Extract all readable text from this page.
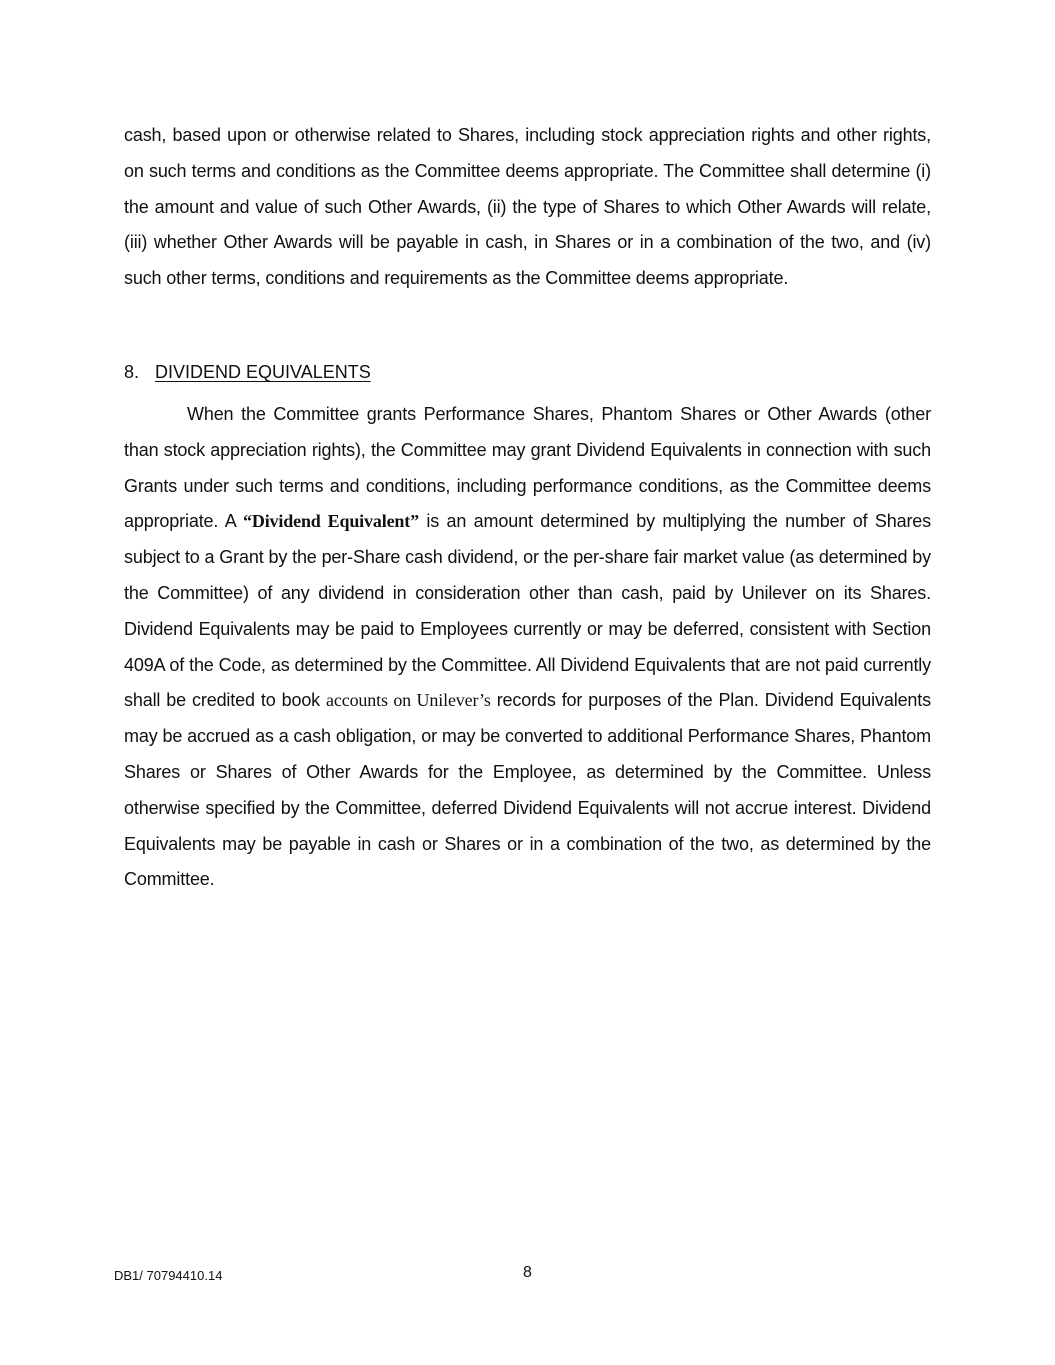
cash, based upon or otherwise related to Shares, including stock appreciation rights and other rights, on such terms and conditions as the Committee deems appropriate. The Committee shall determine (i) the amount and value of such Other Awards, (ii) the type of Shares to which Other Awards will relate, (iii) whether Other Awards will be payable in cash, in Shares or in a combination of the two, and (iv) such other terms, conditions and requirements as the Committee deems appropriate.

8. DIVIDEND EQUIVALENTS

When the Committee grants Performance Shares, Phantom Shares or Other Awards (other than stock appreciation rights), the Committee may grant Dividend Equivalents in connection with such Grants under such terms and conditions, including performance conditions, as the Committee deems appropriate. A “Dividend Equivalent” is an amount determined by multiplying the number of Shares subject to a Grant by the per-Share cash dividend, or the per-share fair market value (as determined by the Committee) of any dividend in consideration other than cash, paid by Unilever on its Shares. Dividend Equivalents may be paid to Employees currently or may be deferred, consistent with Section 409A of the Code, as determined by the Committee. All Dividend Equivalents that are not paid currently shall be credited to book accounts on Unilever’s records for purposes of the Plan. Dividend Equivalents may be accrued as a cash obligation, or may be converted to additional Performance Shares, Phantom Shares or Shares of Other Awards for the Employee, as determined by the Committee. Unless otherwise specified by the Committee, deferred Dividend Equivalents will not accrue interest. Dividend Equivalents may be payable in cash or Shares or in a combination of the two, as determined by the Committee.

DB1/ 70794410.14	8
